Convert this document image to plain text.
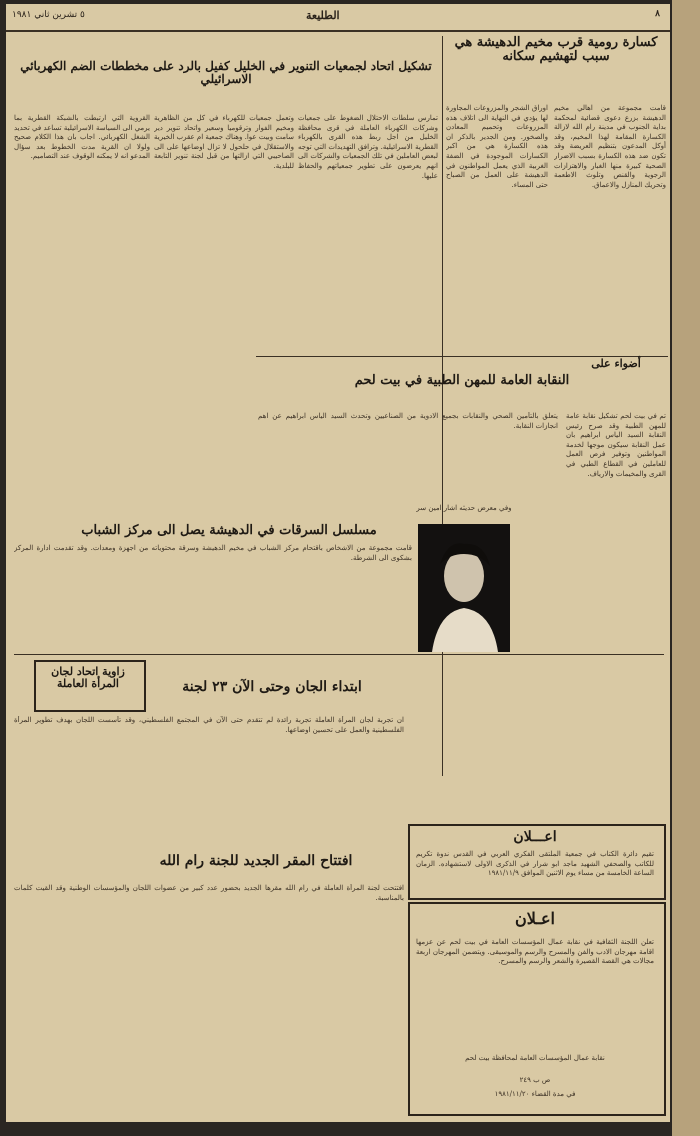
٥ تشرين ثاني ١٩٨١	الطليعة	٨
كسارة رومية قرب مخيم الدهيشة هي سبب لتهشيم سكانه
قامت مجموعة من اهالي مخيم الدهيشة بزرع دعوى قضائية لمحكمة بداية الجنوب في مدينة رام الله لازالة الكسارة المقامة لهذا المخيم، وقد أوكل المدعون بتنظيم العريضة وقد تكون ضد هذه الكسارة بسبب الاضرار الصحية كبيرة منها الغبار والاهتزازات الرجوية والقنص وتلوث الاطعمة وتحريك المنازل والاعماق.
اوراق الشجر والمزروعات المجاورة لها يؤدي في النهاية الى اتلاف هذه المزروعات وتحميم المعادن والصخور. ومن الجدير بالذكر ان هذه الكسارة هي من اكبر الكسارات الموجودة في الضفة الغربية الذي يعمل المواطنون في الدهيشة على العمل من الصباح حتى المساء.
تشكيل اتحاد لجمعيات التنوير في الخليل كفيل بالرد على مخططات الضم الكهربائي الاسرائيلي
تمارس سلطات الاحتلال الضغوط على جمعيات وشركات الكهرباء العاملة في قرى محافظة الخليل من اجل ربط هذه القرى بالكهرباء القطرية الاسرائيلية. وترافق التهديدات التي توجه لبعض العاملين في تلك الجمعيات والشركات الى انهم يعرضون على تطوير جمعياتهم والحفاظ عليها.
وتعمل جمعيات للكهرباء في كل من الظاهرية ومخيم الفوار وترقوميا وسعير واتحاد تنوير دير سامت وبيت عوا. وهناك جمعية ام عقرب الخيرية والاستقلال في حلحول لا تزال اوضاعها على الى الصاحيبي التي ازالتها من قبل لجنة تنوير التابعة للبلدية.
القروية التي ارتبطت بالشبكة القطرية بما يرمي الى السياسة الاسرائيلية تساعد في تحديد الشغل الكهربائي. اجاب بان هذا الكلام صحيح ولولا ان القرية مدت الخطوط بعد سؤال المدعو انه لا يمكنه الوقوف عند التصاميم.
أضواء على
النقابة العامة للمهن الطبية في بيت لحم
تم في بيت لحم تشكيل نقابة عامة للمهن الطبية وقد صرح رئيس النقابة السيد الياس ابراهيم بان عمل النقابة سيكون موجها لخدمة المواطنين وتوفير فرص العمل للعاملين في القطاع الطبي في القرى والمخيمات والارياف.
يتعلق بالتأمين الصحي والنقابات بجميع الادوية من الصناعيين وتحدث السيد الياس ابراهيم عن اهم انجازات النقابة.
وفي معرض حديثه اشار امين سر
مسلسل السرقات في الدهيشة يصل الى مركز الشباب
قامت مجموعة من الاشخاص باقتحام مركز الشباب في مخيم الدهيشة وسرقة محتوياته من اجهزة ومعدات. وقد تقدمت ادارة المركز بشكوى الى الشرطة.
زاوية اتحاد لجان المرأة العاملة	ابتداء الجان وحتى الآن ٢٣ لجنة
ان تجربة لجان المرأة العاملة تجربة رائدة لم تتقدم حتى الآن في المجتمع الفلسطيني، وقد تأسست اللجان بهدف تطوير المرأة الفلسطينية والعمل على تحسين اوضاعها.
افتتاح المقر الجديد للجنة رام الله
افتتحت لجنة المرأة العاملة في رام الله مقرها الجديد بحضور عدد كبير من عضوات اللجان والمؤسسات الوطنية وقد القيت كلمات بالمناسبة.
اعـــلان
تقيم دائرة الكتاب في جمعية الملتقى الفكري العربي في القدس ندوة تكريم للكاتب والصحفي الشهيد ماجد ابو شرار في الذكرى الاولى لاستشهاده. الزمان الساعة الخامسة من مساء يوم الاثنين الموافق ١٩٨١/١١/٩
اعـلان
تعلن اللجنة الثقافية في نقابة عمال المؤسسات العامة في بيت لحم عن عزمها اقامة مهرجان الادب والفن والمسرح والرسم والموسيقى. ويتضمن المهرجان اربعة مجالات هي القصة القصيرة والشعر والرسم والمسرح.
نقابة عمال المؤسسات العامة لمحافظة بيت لحم
ص ب ٢٤٩
في مدة القضاء ١٩٨١/١١/٢٠
